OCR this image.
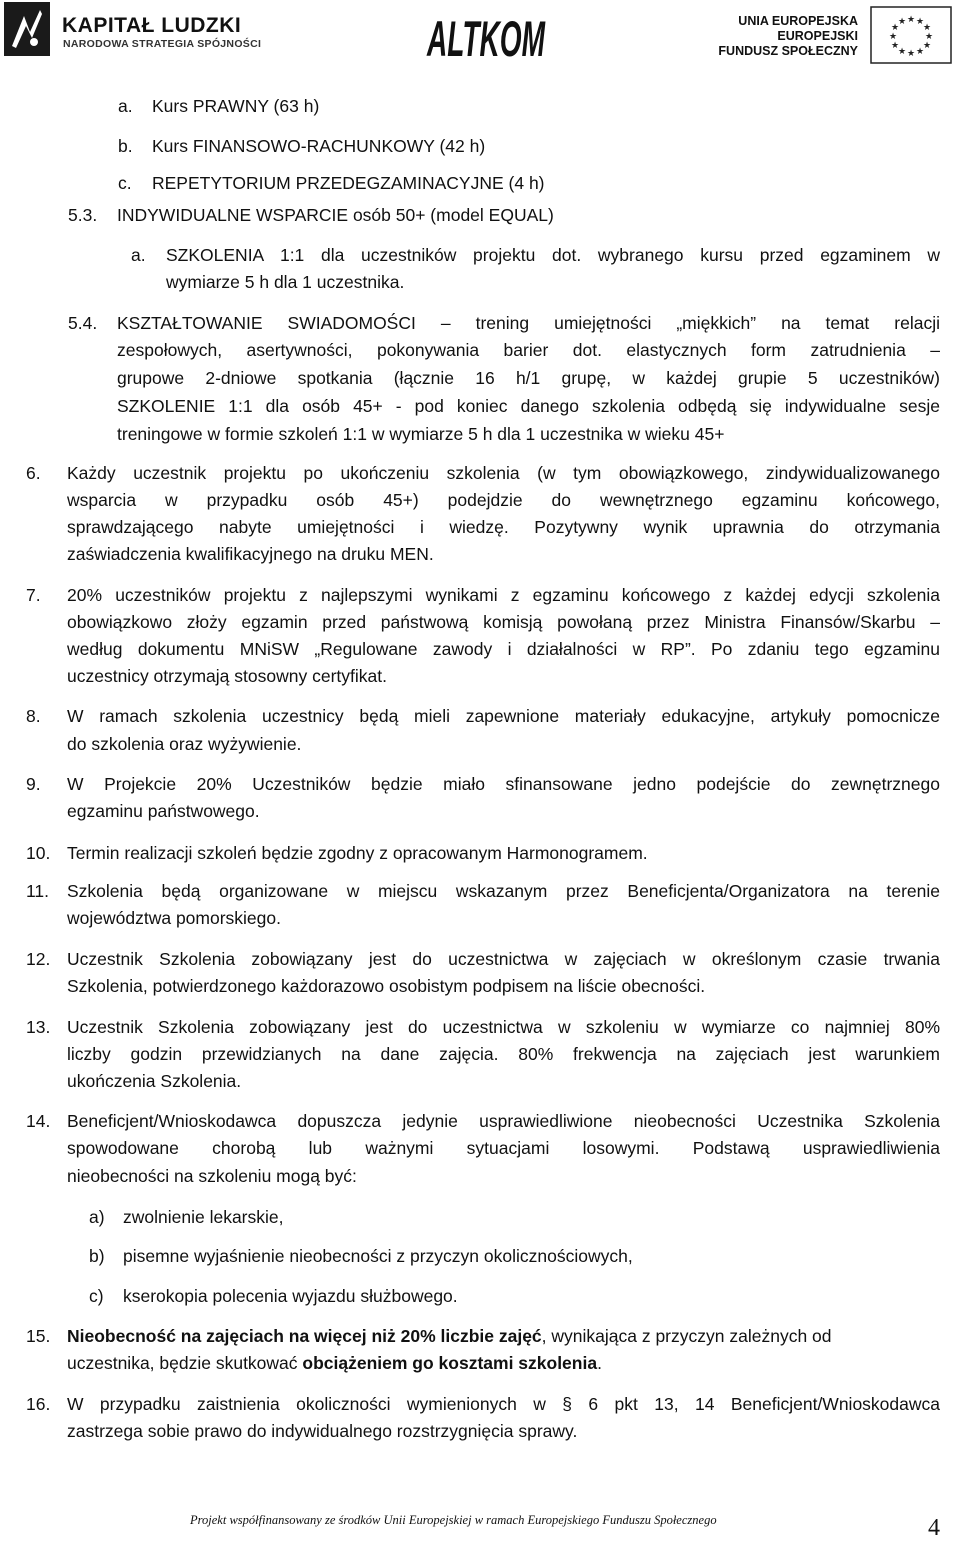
KAPITAŁ LUDZKI
NARODOWA STRATEGIA SPÓJNOŚCI	ALTKOM	UNIA EUROPEJSKA
EUROPEJSKI
FUNDUSZ SPOŁECZNY
★ ★
★
★
★
★
★
★
★
★
★
★
a. Kurs PRAWNY (63 h)
b. Kurs FINANSOWO-RACHUNKOWY (42 h)
c. REPETYTORIUM PRZEDEGZAMINACYJNE (4 h)
5.3. INDYWIDUALNE WSPARCIE osób 50+ (model EQUAL)
a. SZKOLENIA 1:1 dla uczestników projektu dot. wybranego kursu przed egzaminem w
wymiarze 5 h dla 1 uczestnika.
5.4. KSZTAŁTOWANIE SWIADOMOŚCI – trening umiejętności „miękkich” na temat relacji
zespołowych, asertywności, pokonywania barier dot. elastycznych form zatrudnienia –
grupowe 2-dniowe spotkania (łącznie 16 h/1 grupę, w każdej grupie 5 uczestników)
SZKOLENIE 1:1 dla osób 45+ - pod koniec danego szkolenia odbędą się indywidualne sesje
treningowe w formie szkoleń 1:1 w wymiarze 5 h dla 1 uczestnika w wieku 45+
6. Każdy uczestnik projektu po ukończeniu szkolenia (w tym obowiązkowego, zindywidualizowanego
wsparcia w przypadku osób 45+) podejdzie do wewnętrznego egzaminu końcowego,
sprawdzającego nabyte umiejętności i wiedzę. Pozytywny wynik uprawnia do otrzymania
zaświadczenia kwalifikacyjnego na druku MEN.
7. 20% uczestników projektu z najlepszymi wynikami z egzaminu końcowego z każdej edycji szkolenia
obowiązkowo złoży egzamin przed państwową komisją powołaną przez Ministra Finansów/Skarbu –
według dokumentu MNiSW „Regulowane zawody i działalności w RP”. Po zdaniu tego egzaminu
uczestnicy otrzymają stosowny certyfikat.
8. W ramach szkolenia uczestnicy będą mieli zapewnione materiały edukacyjne, artykuły pomocnicze
do szkolenia oraz wyżywienie.
9. W Projekcie 20% Uczestników będzie miało sfinansowane jedno podejście do zewnętrznego
egzaminu państwowego.
10. Termin realizacji szkoleń będzie zgodny z opracowanym Harmonogramem.
11. Szkolenia będą organizowane w miejscu wskazanym przez Beneficjenta/Organizatora na terenie
województwa pomorskiego.
12. Uczestnik Szkolenia zobowiązany jest do uczestnictwa w zajęciach w określonym czasie trwania
Szkolenia, potwierdzonego każdorazowo osobistym podpisem na liście obecności.
13. Uczestnik Szkolenia zobowiązany jest do uczestnictwa w szkoleniu w wymiarze co najmniej 80%
liczby godzin przewidzianych na dane zajęcia. 80% frekwencja na zajęciach jest warunkiem
ukończenia Szkolenia.
14. Beneficjent/Wnioskodawca dopuszcza jedynie usprawiedliwione nieobecności Uczestnika Szkolenia
spowodowane chorobą lub ważnymi sytuacjami losowymi. Podstawą usprawiedliwienia
nieobecności na szkoleniu mogą być:
a) zwolnienie lekarskie,
b) pisemne wyjaśnienie nieobecności z przyczyn okolicznościowych,
c) kserokopia polecenia wyjazdu służbowego.
15. Nieobecność na zajęciach na więcej niż 20% liczbie zajęć, wynikająca z przyczyn zależnych od
uczestnika, będzie skutkować obciążeniem go kosztami szkolenia.
16. W przypadku zaistnienia okoliczności wymienionych w § 6 pkt 13, 14 Beneficjent/Wnioskodawca
zastrzega sobie prawo do indywidualnego rozstrzygnięcia sprawy.
Projekt współfinansowany ze środków Unii Europejskiej w ramach Europejskiego Funduszu Społecznego	4
